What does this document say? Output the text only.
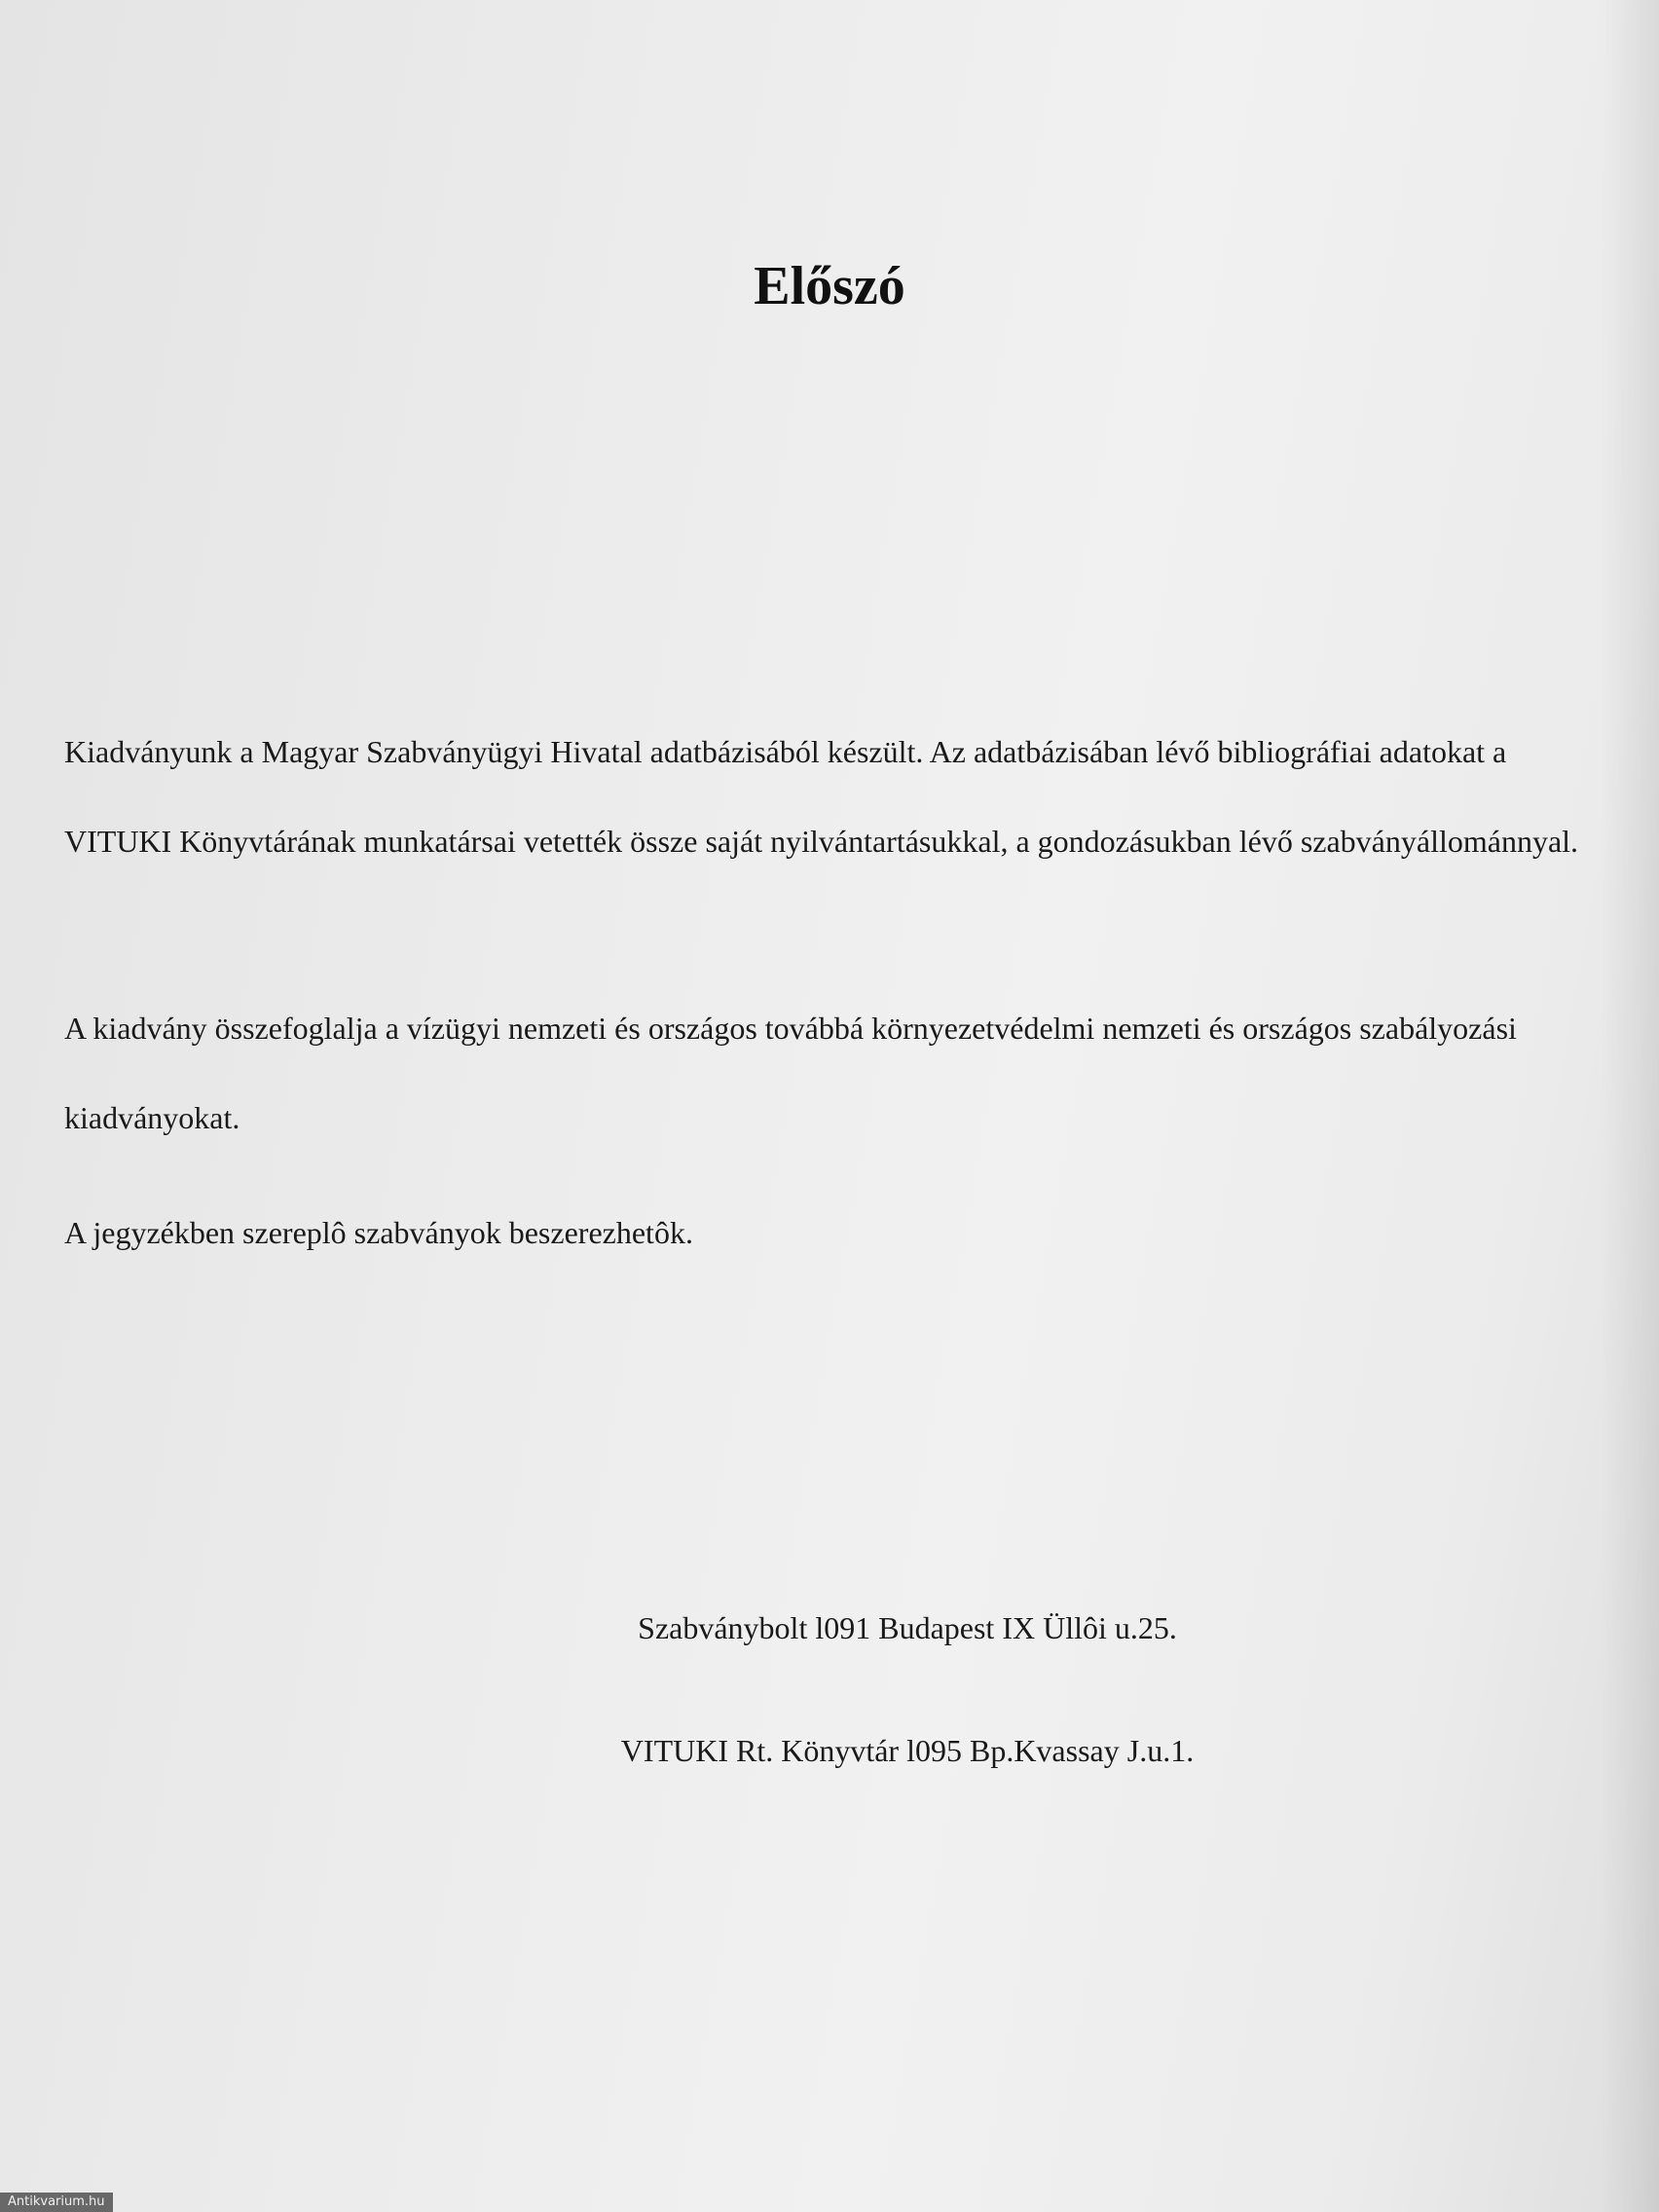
Előszó

Kiadványunk a Magyar Szabványügyi Hivatal adatbázisából készült. Az adatbázisában lévő bibliográfiai adatokat a VITUKI Könyvtárának munkatársai vetették össze saját nyilvántartásukkal, a gondozásukban lévő szabványállománnyal.

A kiadvány összefoglalja a vízügyi nemzeti és országos továbbá környezetvédelmi nemzeti és országos szabályozási kiadványokat.

A jegyzékben szereplô szabványok beszerezhetôk.

Szabványbolt l091 Budapest IX Üllôi u.25.

VITUKI Rt. Könyvtár l095 Bp.Kvassay J.u.1.

Antikvarium.hu
